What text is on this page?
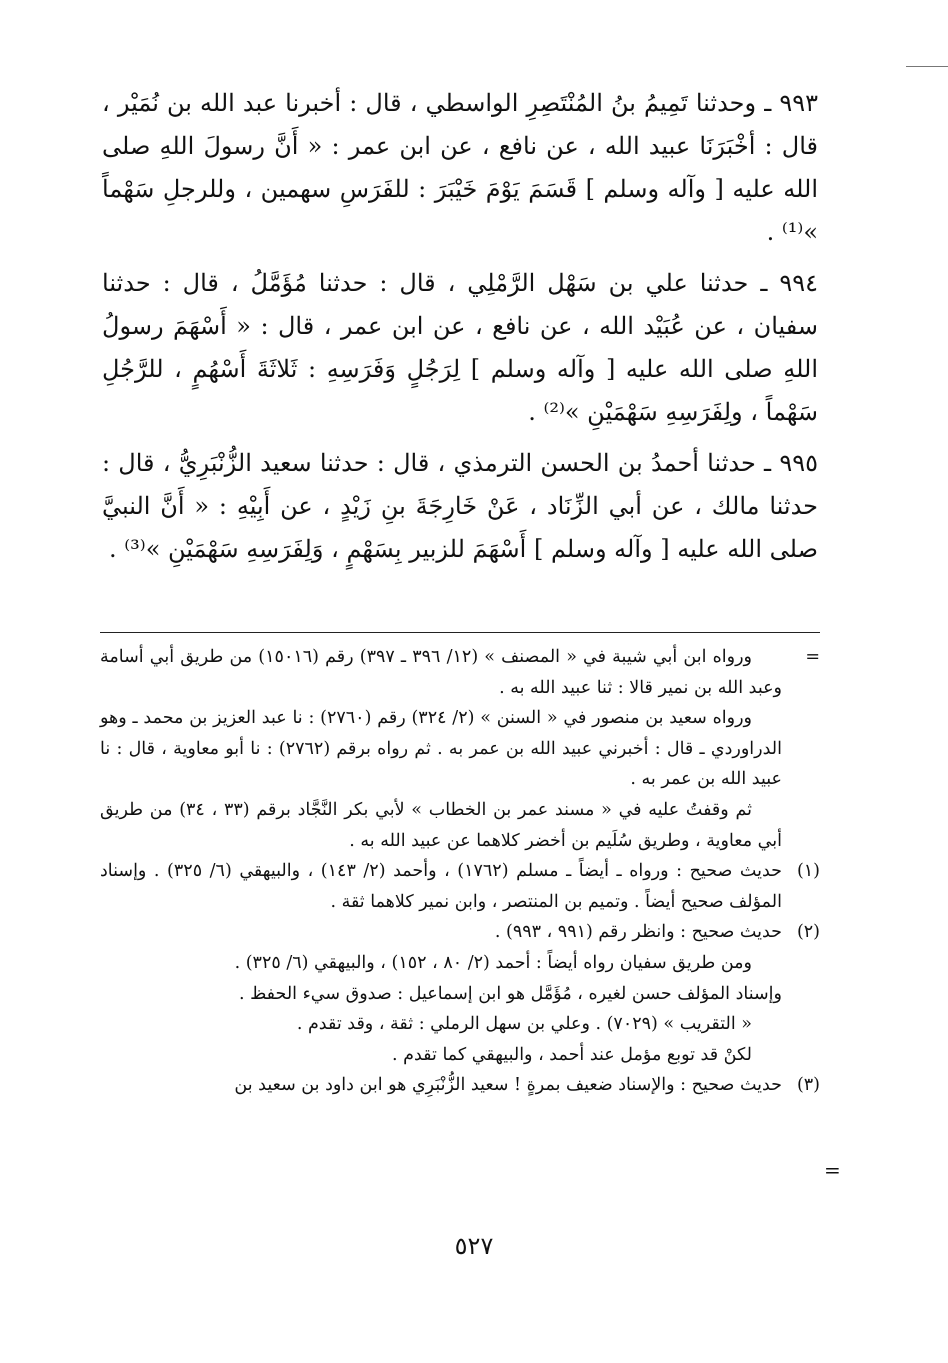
٩٩٣ ـ وحدثنا تَمِيمُ بنُ المُنْتَصِرِ الواسطي ، قال : أخبرنا عبد الله بن نُمَيْر ، قال : أخْبَرَنَا عبيد الله ، عن نافع ، عن ابن عمر : « أَنَّ رسولَ اللهِ صلى الله عليه [ وآله وسلم ] قَسَمَ يَوْمَ خَيْبَرَ : للفَرَسِ سهمين ، وللرجلِ سَهْماً »⁽¹⁾ .

٩٩٤ ـ حدثنا علي بن سَهْل الرَّمْلِي ، قال : حدثنا مُؤَمَّلُ ، قال : حدثنا سفيان ، عن عُبَيْد الله ، عن نافع ، عن ابن عمر ، قال : « أَسْهَمَ رسولُ اللهِ صلى الله عليه [ وآله وسلم ] لِرَجُلٍ وَفَرَسِهِ : ثَلاثَةَ أَسْهُمٍ ، للرَّجُلِ سَهْماً ، ولِفَرَسِهِ سَهْمَيْنِ »⁽²⁾ .

٩٩٥ ـ حدثنا أحمدُ بن الحسن الترمذي ، قال : حدثنا سعيد الزُّنْبَرِيُّ ، قال : حدثنا مالك ، عن أبي الزِّنَاد ، عَنْ خَارِجَةَ بنِ زَيْدٍ ، عن أَبِيْهِ : « أَنَّ النبيَّ صلى الله عليه [ وآله وسلم ] أَسْهَمَ للزبير بِسَهْمٍ ، وَلِفَرَسِهِ سَهْمَيْنِ »⁽³⁾ .

=

ورواه ابن أبي شيبة في « المصنف » (١٢/ ٣٩٦ ـ ٣٩٧) رقم (١٥٠١٦) من طريق أبي أسامة وعبد الله بن نمير قالا : ثنا عبيد الله به .

ورواه سعيد بن منصور في « السنن » (٢/ ٣٢٤) رقم (٢٧٦٠) : نا عبد العزيز بن محمد ـ وهو الدراوردي ـ قال : أخبرني عبيد الله بن عمر به . ثم رواه برقم (٢٧٦٢) : نا أبو معاوية ، قال : نا عبيد الله بن عمر به .

ثم وقفتُ عليه في « مسند عمر بن الخطاب » لأبي بكر النَّجَّاد برقم (٣٣ ، ٣٤) من طريق أبي معاوية ، وطريق سُلَيم بن أخضر كلاهما عن عبيد الله به .

(١)

حديث صحيح : ورواه ـ أيضاً ـ مسلم (١٧٦٢) ، وأحمد (٢/ ١٤٣) ، والبيهقي (٦/ ٣٢٥) . وإسناد المؤلف صحيح أيضاً . وتميم بن المنتصر ، وابن نمير كلاهما ثقة .

(٢)

حديث صحيح : وانظر رقم (٩٩١ ، ٩٩٣) .

ومن طريق سفيان رواه أيضاً : أحمد (٢/ ٨٠ ، ١٥٢) ، والبيهقي (٦/ ٣٢٥) .

وإسناد المؤلف حسن لغيره ، مُؤَمَّل هو ابن إسماعيل : صدوق سيء الحفظ .

« التقريب » (٧٠٢٩) . وعلي بن سهل الرملي : ثقة ، وقد تقدم .

لكنْ قد توبع مؤمل عند أحمد ، والبيهقي كما تقدم .

(٣)

حديث صحيح : والإسناد ضعيف بمرةٍ ! سعيد الزُّنْبَرِي هو ابن داود بن سعيد بن

=
٥٢٧
